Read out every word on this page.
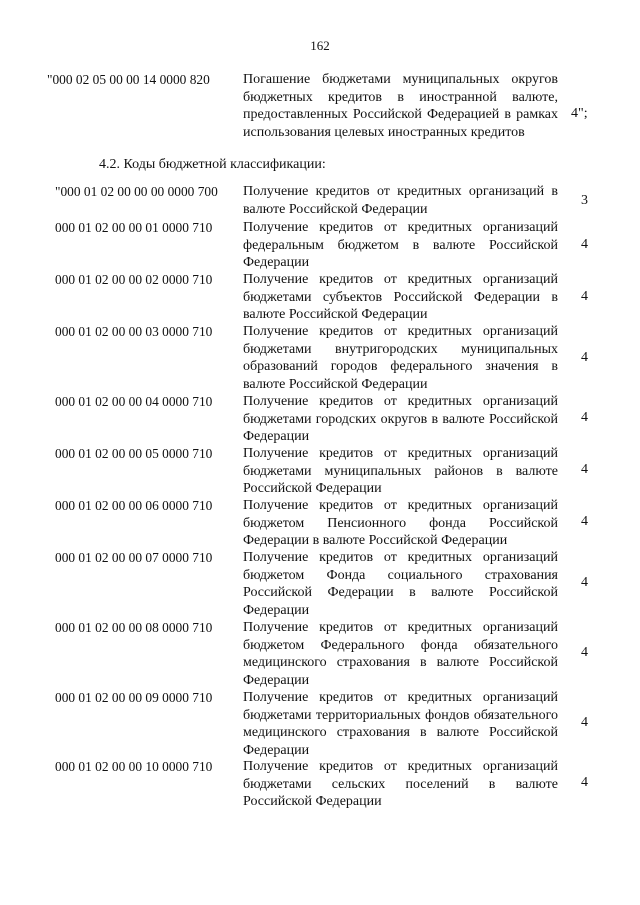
162
"000 02 05 00 00 14 0000 820 Погашение бюджетами муниципальных округов бюджетных кредитов в иностранной валюте, предоставленных Российской Федерацией в рамках использования целевых иностранных кредитов

4";
4.2. Коды бюджетной классификации:
"000 01 02 00 00 00 0000 700 Получение кредитов от кредитных организаций в валюте Российской Федерации
3
000 01 02 00 00 01 0000 710 Получение кредитов от кредитных организаций федеральным бюджетом в валюте Российской Федерации
4
000 01 02 00 00 02 0000 710 Получение кредитов от кредитных организаций бюджетами субъектов Российской Федерации в валюте Российской Федерации
4
000 01 02 00 00 03 0000 710 Получение кредитов от кредитных организаций бюджетами внутригородских муниципальных образований городов федерального значения в валюте Российской Федерации
4
000 01 02 00 00 04 0000 710 Получение кредитов от кредитных организаций бюджетами городских округов в валюте Российской Федерации
4
000 01 02 00 00 05 0000 710 Получение кредитов от кредитных организаций бюджетами муниципальных районов в валюте Российской Федерации
4
000 01 02 00 00 06 0000 710 Получение кредитов от кредитных организаций бюджетом Пенсионного фонда Российской Федерации в валюте Российской Федерации
4
000 01 02 00 00 07 0000 710 Получение кредитов от кредитных организаций бюджетом Фонда социального страхования Российской Федерации в валюте Российской Федерации
4
000 01 02 00 00 08 0000 710 Получение кредитов от кредитных организаций бюджетом Федерального фонда обязательного медицинского страхования в валюте Российской Федерации
4
000 01 02 00 00 09 0000 710 Получение кредитов от кредитных организаций бюджетами территориальных фондов обязательного медицинского страхования в валюте Российской Федерации
4
000 01 02 00 00 10 0000 710 Получение кредитов от кредитных организаций бюджетами сельских поселений в валюте Российской Федерации
4
